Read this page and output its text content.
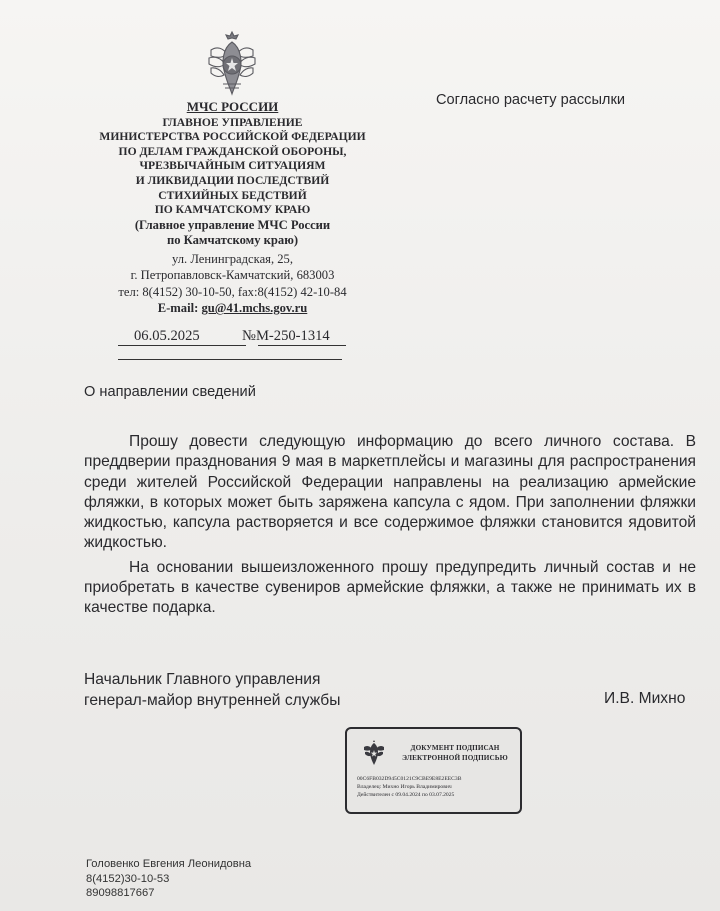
МЧС РОССИИ
ГЛАВНОЕ УПРАВЛЕНИЕ
МИНИСТЕРСТВА РОССИЙСКОЙ ФЕДЕРАЦИИ
ПО ДЕЛАМ ГРАЖДАНСКОЙ ОБОРОНЫ,
ЧРЕЗВЫЧАЙНЫМ СИТУАЦИЯМ
И ЛИКВИДАЦИИ ПОСЛЕДСТВИЙ
СТИХИЙНЫХ БЕДСТВИЙ
ПО КАМЧАТСКОМУ КРАЮ
(Главное управление МЧС России
по Камчатскому краю)
ул. Ленинградская, 25,
г. Петропавловск-Камчатский, 683003
тел: 8(4152) 30-10-50, fax:8(4152) 42-10-84
E-mail: gu@41.mchs.gov.ru
Согласно расчету рассылки
06.05.2025	№М-250-1314
О направлении сведений

Прошу довести следующую информацию до всего личного состава. В преддверии празднования 9 мая в маркетплейсы и магазины для распространения среди жителей Российской Федерации направлены на реализацию армейские фляжки, в которых может быть заряжена капсула с ядом. При заполнении фляжки жидкостью, капсула растворяется и все содержимое фляжки становится ядовитой жидкостью.

На основании вышеизложенного прошу предупредить личный состав и не приобретать в качестве сувениров армейские фляжки, а также не принимать их в качестве подарка.

Начальник Главного управления
генерал-майор внутренней службы	И.В. Михно
ДОКУМЕНТ ПОДПИСАН
ЭЛЕКТРОННОЙ ПОДПИСЬЮ
00C6FB032D945C0121C9CBE9E8E2EEC3B
Владелец: Михно Игорь Владимирович
Действителен с 09.04.2024 по 03.07.2025
Головенко Евгения Леонидовна
8(4152)30-10-53
89098817667
